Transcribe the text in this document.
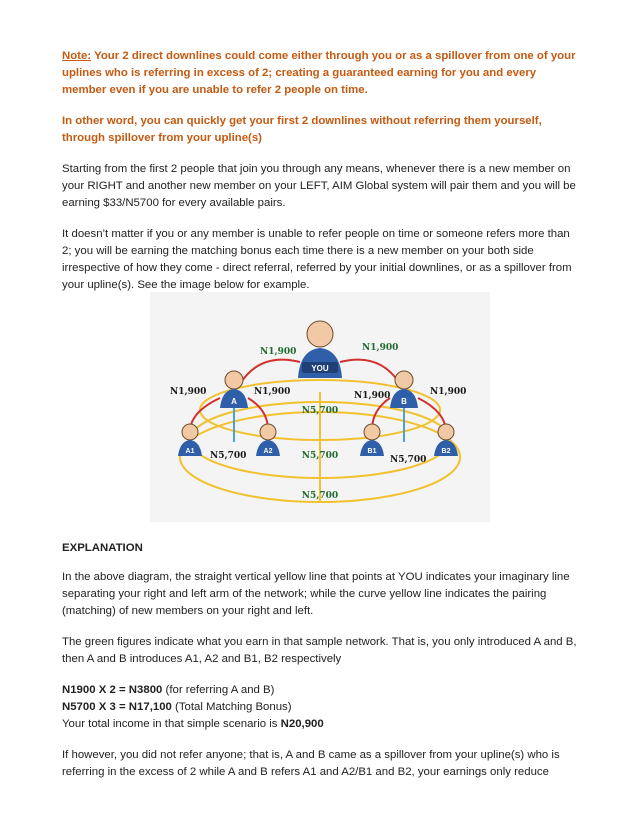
Note: Your 2 direct downlines could come either through you or as a spillover from one of your uplines who is referring in excess of 2; creating a guaranteed earning for you and every member even if you are unable to refer 2 people on time.

In other word, you can quickly get your first 2 downlines without referring them yourself, through spillover from your upline(s)

Starting from the first 2 people that join you through any means, whenever there is a new member on your RIGHT and another new member on your LEFT, AIM Global system will pair them and you will be earning $33/N5700 for every available pairs.

It doesn’t matter if you or any member is unable to refer people on time or someone refers more than 2; you will be earning the matching bonus each time there is a new member on your both side irrespective of how they come - direct referral, referred by your initial downlines, or as a spillover from your upline(s). See the image below for example.

YOU
A	B
A1	A2	B1	B2
N1,900	N1,900
N1,900	N1,900	N1,900	N1,900
N5,700
N5,700	N5,700	N5,700
N5,700

EXPLANATION

In the above diagram, the straight vertical yellow line that points at YOU indicates your imaginary line separating your right and left arm of the network; while the curve yellow line indicates the pairing (matching) of new members on your right and left.

The green figures indicate what you earn in that sample network. That is, you only introduced A and B, then A and B introduces A1, A2 and B1, B2 respectively

N1900 X 2 = N3800 (for referring A and B)
N5700 X 3 = N17,100 (Total Matching Bonus)
Your total income in that simple scenario is N20,900

If however, you did not refer anyone; that is, A and B came as a spillover from your upline(s) who is referring in the excess of 2 while A and B refers A1 and A2/B1 and B2, your earnings only reduce
